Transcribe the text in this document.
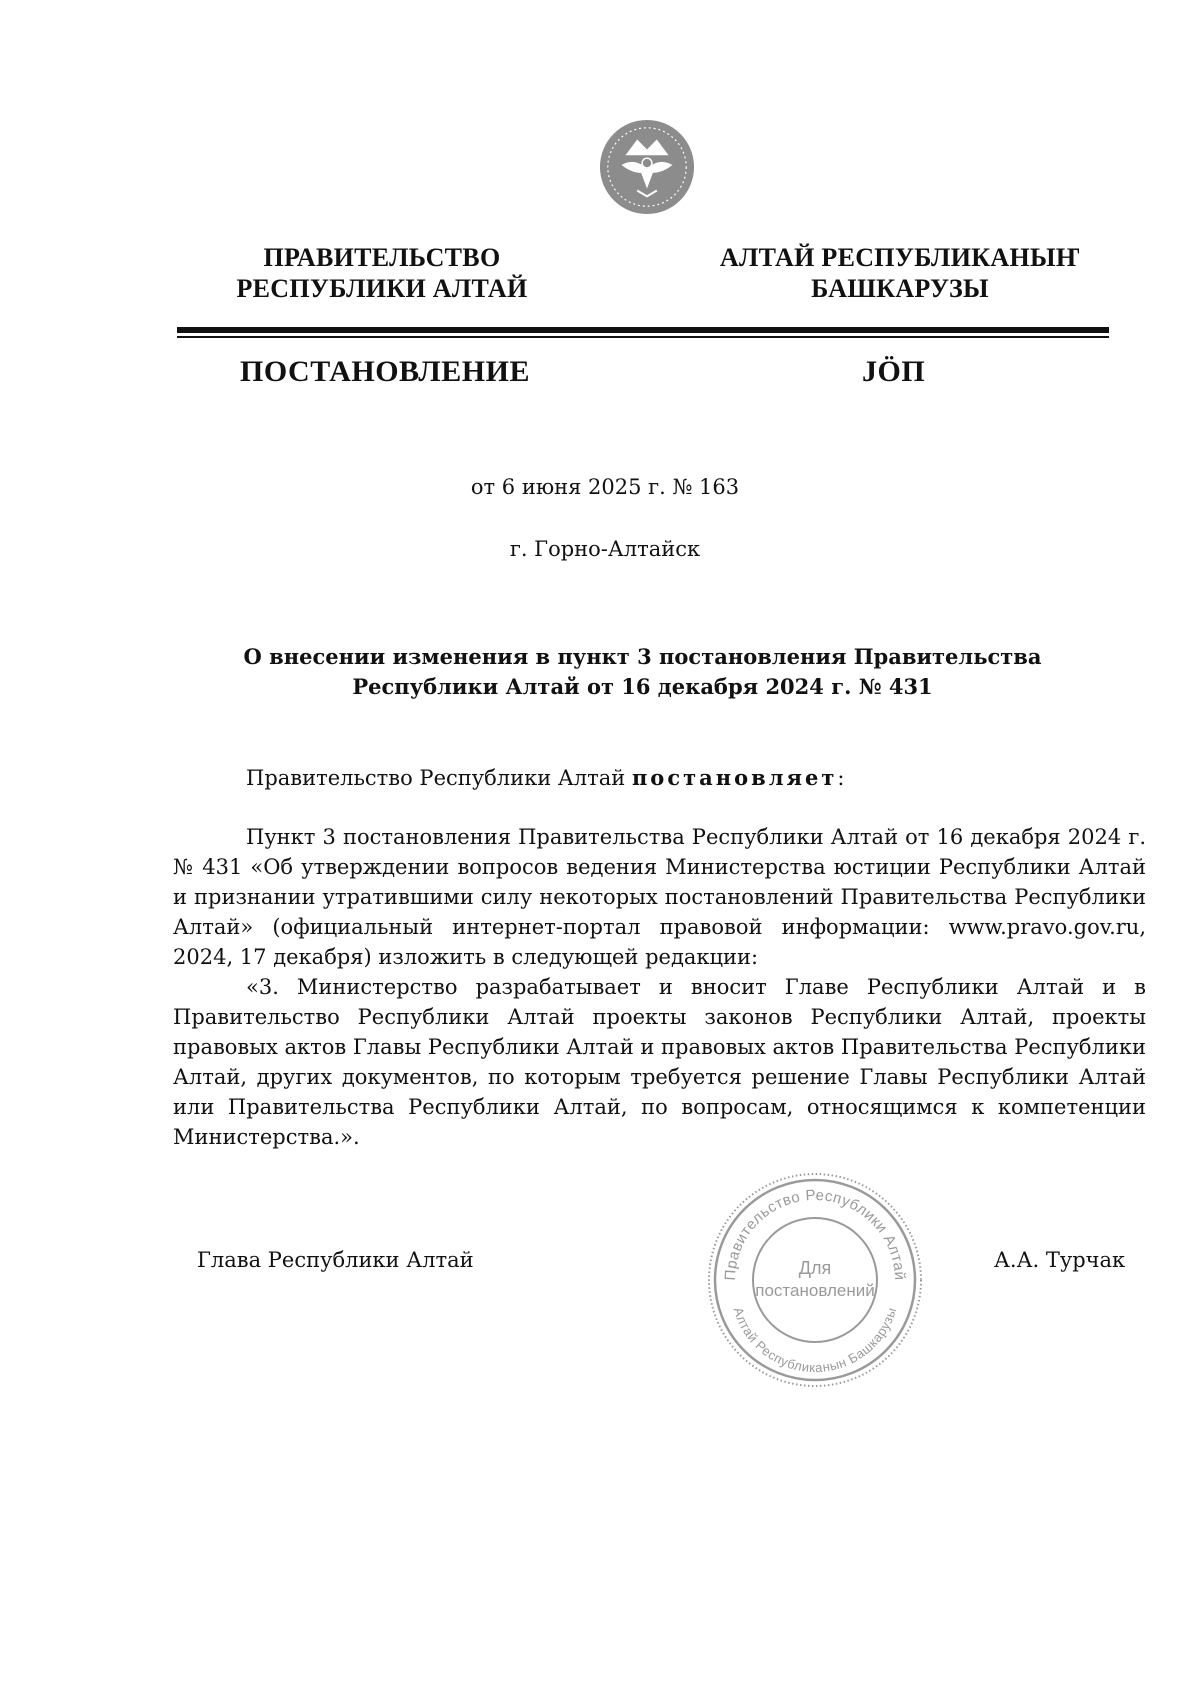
ПРАВИТЕЛЬСТВО
РЕСПУБЛИКИ АЛТАЙ
АЛТАЙ РЕСПУБЛИКАНЫҤ
БАШКАРУЗЫ
ПОСТАНОВЛЕНИЕ	JӦП
от 6 июня 2025 г. № 163
г. Горно-Алтайск
О внесении изменения в пункт 3 постановления Правительства Республики Алтай от 16 декабря 2024 г. № 431
Правительство Республики Алтай постановляет:
Пункт 3 постановления Правительства Республики Алтай от 16 декабря 2024 г. № 431 «Об утверждении вопросов ведения Министерства юстиции Республики Алтай и признании утратившими силу некоторых постановлений Правительства Республики Алтай» (официальный интернет-портал правовой информации: www.pravo.gov.ru, 2024, 17 декабря) изложить в следующей редакции:
«3. Министерство разрабатывает и вносит Главе Республики Алтай и в Правительство Республики Алтай проекты законов Республики Алтай, проекты правовых актов Главы Республики Алтай и правовых актов Правительства Республики Алтай, других документов, по которым требуется решение Главы Республики Алтай или Правительства Республики Алтай, по вопросам, относящимся к компетенции Министерства.».
Глава Республики Алтай	А.А. Турчак
Правительство Республики Алтай
Алтай Республиканын Башкарузы
Для
постановлений
